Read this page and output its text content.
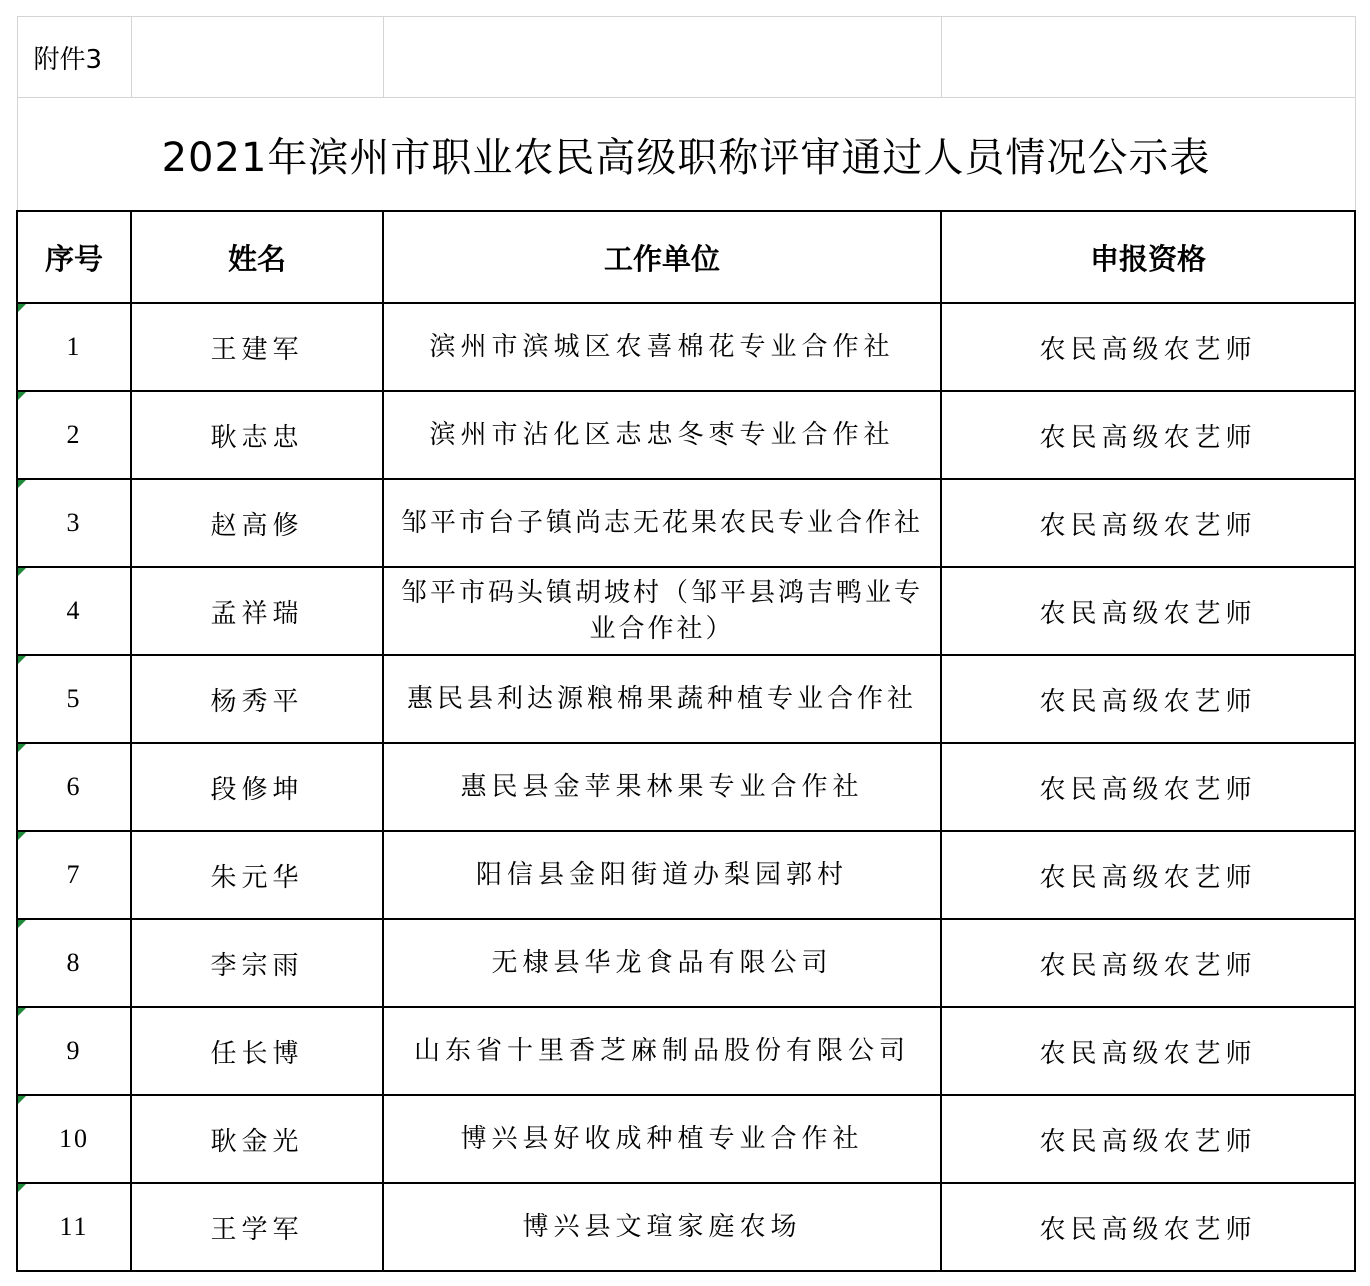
附件3			
2021年滨州市职业农民高级职称评审通过人员情况公示表			
序号	姓名	工作单位	申报资格

1	王建军	滨州市滨城区农喜棉花专业合作社	农民高级农艺师

2	耿志忠	滨州市沾化区志忠冬枣专业合作社	农民高级农艺师

3	赵高修	邹平市台子镇尚志无花果农民专业合作社	农民高级农艺师

4	孟祥瑞	邹平市码头镇胡坡村（邹平县鸿吉鸭业专业合作社）	农民高级农艺师

5	杨秀平	惠民县利达源粮棉果蔬种植专业合作社	农民高级农艺师

6	段修坤	惠民县金苹果林果专业合作社	农民高级农艺师

7	朱元华	阳信县金阳街道办梨园郭村	农民高级农艺师

8	李宗雨	无棣县华龙食品有限公司	农民高级农艺师

9	任长博	山东省十里香芝麻制品股份有限公司	农民高级农艺师

10	耿金光	博兴县好收成种植专业合作社	农民高级农艺师

11	王学军	博兴县文瑄家庭农场	农民高级农艺师
